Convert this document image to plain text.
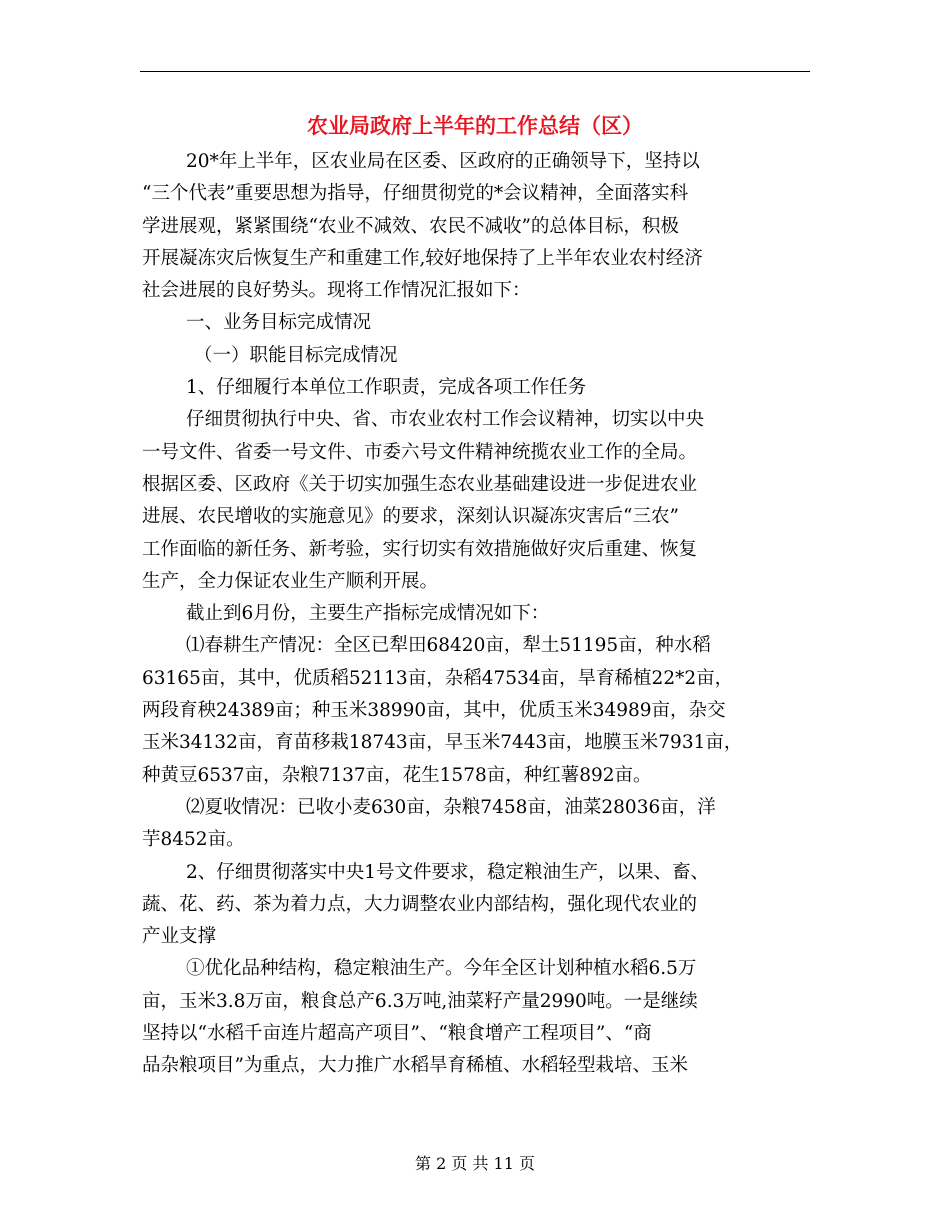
农业局政府上半年的工作总结（区）
20*年上半年，区农业局在区委、区政府的正确领导下，坚持以
“三个代表”重要思想为指导，仔细贯彻党的*会议精神，全面落实科
学进展观，紧紧围绕“农业不减效、农民不减收”的总体目标，积极
开展凝冻灾后恢复生产和重建工作,较好地保持了上半年农业农村经济
社会进展的良好势头。现将工作情况汇报如下：
一、业务目标完成情况
（一）职能目标完成情况
1、仔细履行本单位工作职责，完成各项工作任务
仔细贯彻执行中央、省、市农业农村工作会议精神，切实以中央
一号文件、省委一号文件、市委六号文件精神统揽农业工作的全局。
根据区委、区政府《关于切实加强生态农业基础建设进一步促进农业
进展、农民增收的实施意见》的要求，深刻认识凝冻灾害后“三农”
工作面临的新任务、新考验，实行切实有效措施做好灾后重建、恢复
生产，全力保证农业生产顺利开展。
截止到6月份，主要生产指标完成情况如下：
⑴春耕生产情况：全区已犁田68420亩，犁土51195亩，种水稻
63165亩，其中，优质稻52113亩，杂稻47534亩，旱育稀植22*2亩，
两段育秧24389亩；种玉米38990亩，其中，优质玉米34989亩，杂交
玉米34132亩，育苗移栽18743亩，早玉米7443亩，地膜玉米7931亩，
种黄豆6537亩，杂粮7137亩，花生1578亩，种红薯892亩。
⑵夏收情况：已收小麦630亩，杂粮7458亩，油菜28036亩，洋
芋8452亩。
2、仔细贯彻落实中央1号文件要求，稳定粮油生产，以果、畜、
蔬、花、药、茶为着力点，大力调整农业内部结构，强化现代农业的
产业支撑
①优化品种结构，稳定粮油生产。今年全区计划种植水稻6.5万
亩，玉米3.8万亩，粮食总产6.3万吨,油菜籽产量2990吨。一是继续
坚持以“水稻千亩连片超高产项目”、“粮食增产工程项目”、“商
品杂粮项目”为重点，大力推广水稻旱育稀植、水稻轻型栽培、玉米
第 2 页 共 11 页
